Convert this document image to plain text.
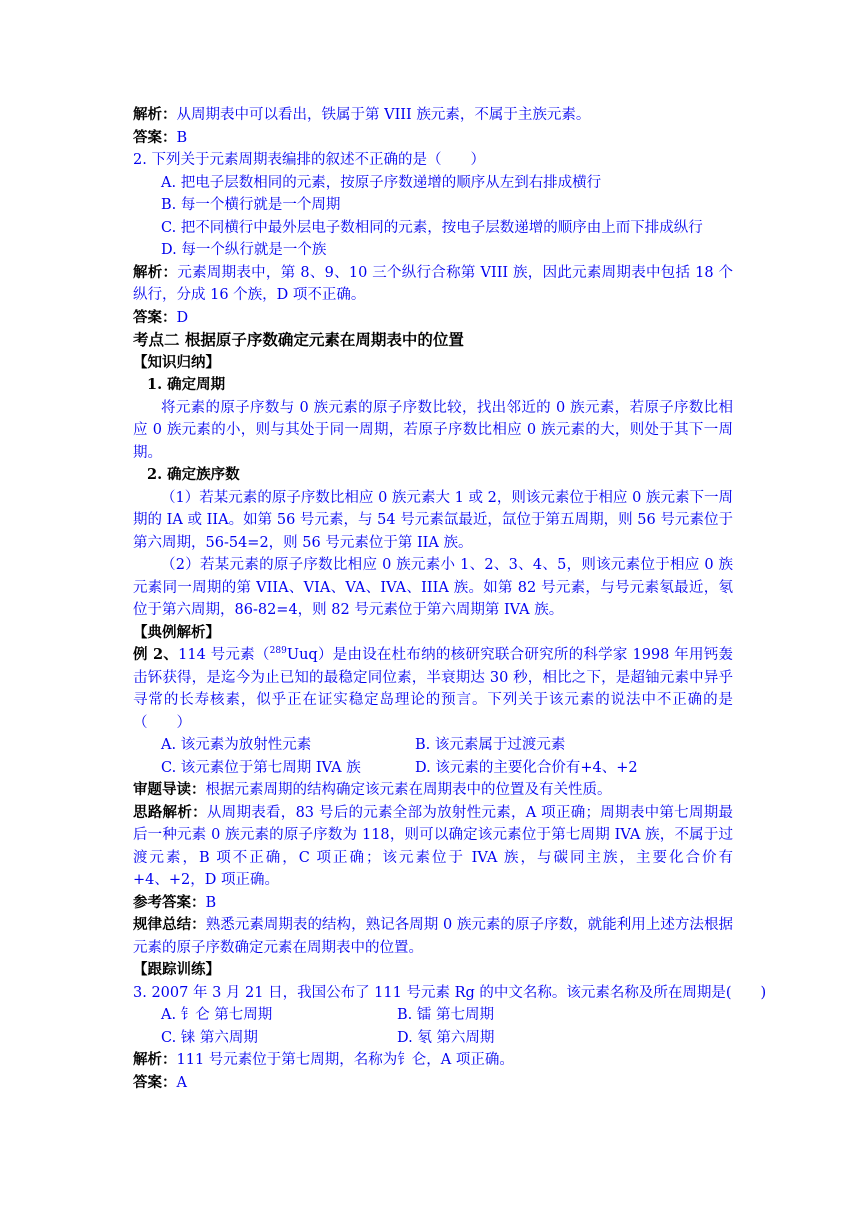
解析：从周期表中可以看出，铁属于第 VIII 族元素，不属于主族元素。
答案：B
2. 下列关于元素周期表编排的叙述不正确的是（　　）
A. 把电子层数相同的元素，按原子序数递增的顺序从左到右排成横行
B. 每一个横行就是一个周期
C. 把不同横行中最外层电子数相同的元素，按电子层数递增的顺序由上而下排成纵行
D. 每一个纵行就是一个族
解析：元素周期表中，第 8、9、10 三个纵行合称第 VIII 族，因此元素周期表中包括 18 个纵行，分成 16 个族，D 项不正确。
答案：D
考点二 根据原子序数确定元素在周期表中的位置
【知识归纳】
1. 确定周期
将元素的原子序数与 0 族元素的原子序数比较，找出邻近的 0 族元素，若原子序数比相应 0 族元素的小，则与其处于同一周期，若原子序数比相应 0 族元素的大，则处于其下一周期。
2. 确定族序数
（1）若某元素的原子序数比相应 0 族元素大 1 或 2，则该元素位于相应 0 族元素下一周期的 IA 或 IIA。如第 56 号元素，与 54 号元素氙最近，氙位于第五周期，则 56 号元素位于第六周期，56-54=2，则 56 号元素位于第 IIA 族。
（2）若某元素的原子序数比相应 0 族元素小 1、2、3、4、5，则该元素位于相应 0 族元素同一周期的第 VIIA、VIA、VA、IVA、IIIA 族。如第 82 号元素，与号元素氡最近，氡位于第六周期，86-82=4，则 82 号元素位于第六周期第 IVA 族。
【典例解析】
例 2、114 号元素（$^{289}$Uuq）是由设在杜布纳的核研究联合研究所的科学家 1998 年用钙轰击钚获得，是迄今为止已知的最稳定同位素，半衰期达 30 秒，相比之下，是超铀元素中异乎寻常的长寿核素，似乎正在证实稳定岛理论的预言。下列关于该元素的说法中不正确的是（　　）
A. 该元素为放射性元素	B. 该元素属于过渡元素
C. 该元素位于第七周期 IVA 族	D. 该元素的主要化合价有+4、+2
审题导读：根据元素周期的结构确定该元素在周期表中的位置及有关性质。
思路解析：从周期表看，83 号后的元素全部为放射性元素，A 项正确；周期表中第七周期最后一种元素 0 族元素的原子序数为 118，则可以确定该元素位于第七周期 IVA 族，不属于过渡元素，B 项不正确，C 项正确；该元素位于 IVA 族，与碳同主族，主要化合价有+4、+2，D 项正确。
参考答案：B
规律总结：熟悉元素周期表的结构，熟记各周期 0 族元素的原子序数，就能利用上述方法根据元素的原子序数确定元素在周期表中的位置。
【跟踪训练】
3. 2007 年 3 月 21 日，我国公布了 111 号元素 Rg 的中文名称。该元素名称及所在周期是(　　)
A. 钅仑 第七周期	B. 镭 第七周期
C. 铼 第六周期	D. 氡 第六周期
解析：111 号元素位于第七周期，名称为钅仑，A 项正确。
答案：A
